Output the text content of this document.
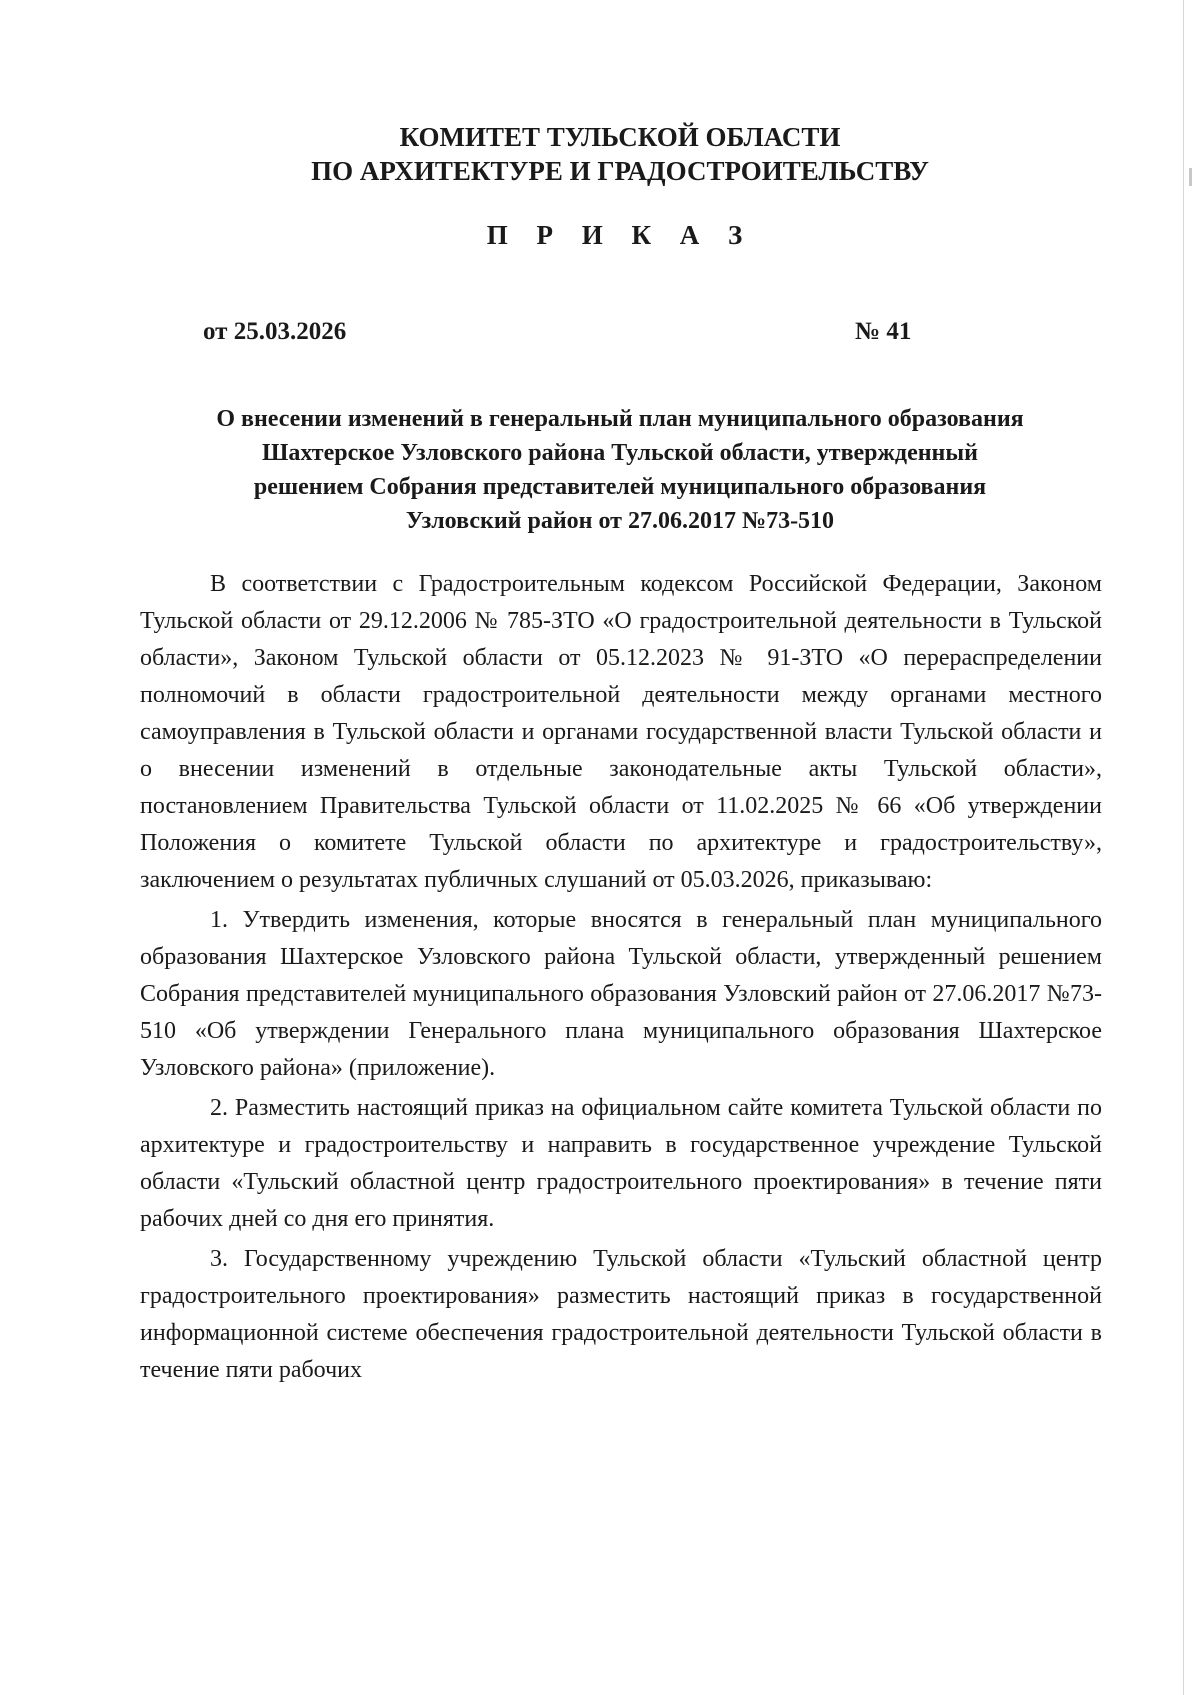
КОМИТЕТ ТУЛЬСКОЙ ОБЛАСТИ
ПО АРХИТЕКТУРЕ И ГРАДОСТРОИТЕЛЬСТВУ
П Р И К А З
от 25.03.2026	№ 41
О внесении изменений в генеральный план муниципального образования
Шахтерское Узловского района Тульской области, утвержденный
решением Собрания представителей муниципального образования
Узловский район от 27.06.2017 №73-510

В соответствии с Градостроительным кодексом Российской Федерации, Законом Тульской области от 29.12.2006 № 785-ЗТО «О градостроительной деятельности в Тульской области», Законом Тульской области от 05.12.2023 № 91-ЗТО «О перераспределении полномочий в области градостроительной деятельности между органами местного самоуправления в Тульской области и органами государственной власти Тульской области и о внесении изменений в отдельные законодательные акты Тульской области», постановлением Правительства Тульской области от 11.02.2025 № 66 «Об утверждении Положения о комитете Тульской области по архитектуре и градостроительству», заключением о результатах публичных слушаний от 05.03.2026, приказываю:

1. Утвердить изменения, которые вносятся в генеральный план муниципального образования Шахтерское Узловского района Тульской области, утвержденный решением Собрания представителей муниципального образования Узловский район от 27.06.2017 №73-510 «Об утверждении Генерального плана муниципального образования Шахтерское Узловского района» (приложение).

2. Разместить настоящий приказ на официальном сайте комитета Тульской области по архитектуре и градостроительству и направить в государственное учреждение Тульской области «Тульский областной центр градостроительного проектирования» в течение пяти рабочих дней со дня его принятия.

3. Государственному учреждению Тульской области «Тульский областной центр градостроительного проектирования» разместить настоящий приказ в государственной информационной системе обеспечения градостроительной деятельности Тульской области в течение пяти рабочих
